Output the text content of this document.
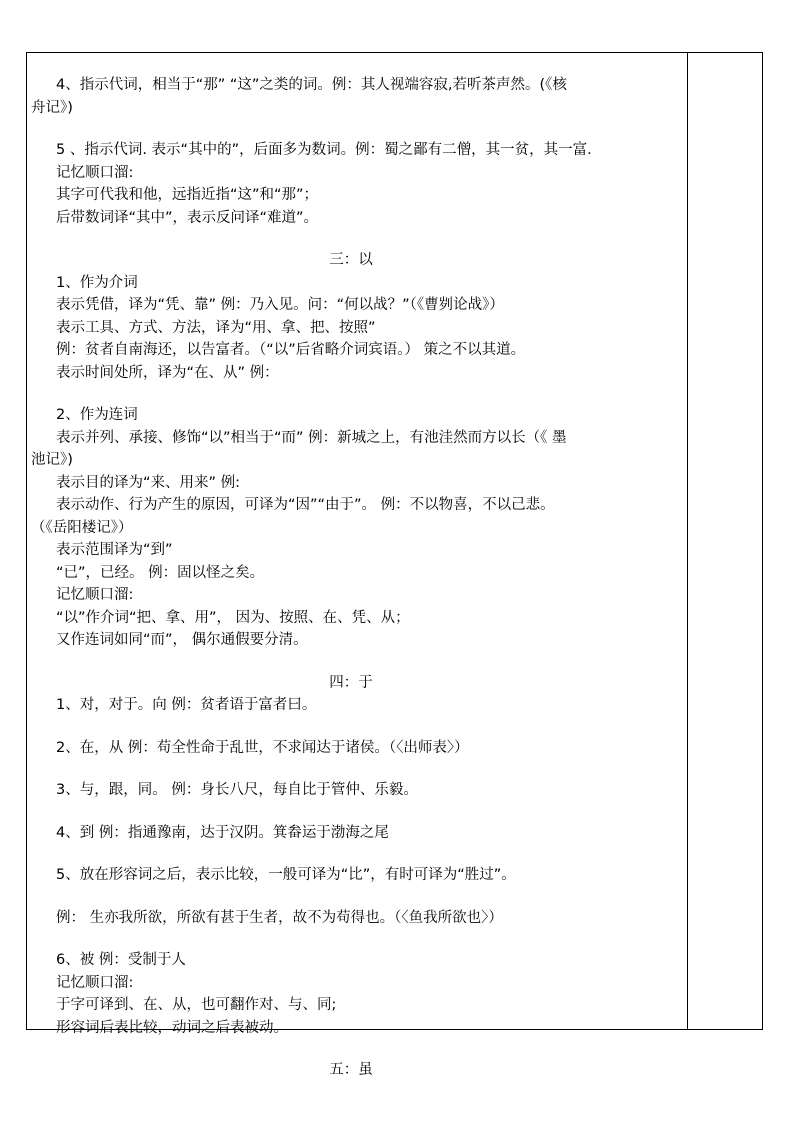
4、指示代词，相当于“那” “这”之类的词。例：其人视端容寂,若听茶声然。(《核
舟记》)
5 、指示代词. 表示“其中的”，后面多为数词。例：蜀之鄙有二僧，其一贫，其一富.
记忆顺口溜:
其字可代我和他，远指近指“这”和“那”；
后带数词译“其中”，表示反问译“难道”。
三：以
1、作为介词
表示凭借，译为“凭、靠” 例：乃入见。问：“何以战？”（《曹刿论战》）
表示工具、方式、方法，译为“用、拿、把、按照”
例：贫者自南海还，以告富者。（“以”后省略介词宾语。） 策之不以其道。
表示时间处所，译为“在、从” 例：
2、作为连词
表示并列、承接、修饰“以”相当于“而” 例：新城之上，有池洼然而方以长（《 墨
池记》)
表示目的译为“来、用来” 例:
表示动作、行为产生的原因，可译为“因”“由于”。 例：不以物喜，不以己悲。
（《岳阳楼记》）
表示范围译为“到”
“已”，已经。 例：固以怪之矣。
记忆顺口溜:
“以”作介词“把、拿、用”， 因为、按照、在、凭、从；
又作连词如同“而”， 偶尔通假要分清。
四：于
1、对，对于。向 例：贫者语于富者曰。
2、在，从 例：苟全性命于乱世，不求闻达于诸侯。（〈出师表〉）
3、与，跟，同。 例：身长八尺，每自比于管仲、乐毅。
4、到 例：指通豫南，达于汉阴。箕畚运于渤海之尾
5、放在形容词之后，表示比较，一般可译为“比”，有时可译为“胜过”。
例： 生亦我所欲，所欲有甚于生者，故不为苟得也。（〈鱼我所欲也〉）
6、被 例：受制于人
记忆顺口溜:
于字可译到、在、从，也可翻作对、与、同;
形容词后表比较，动词之后表被动。
五：虽
